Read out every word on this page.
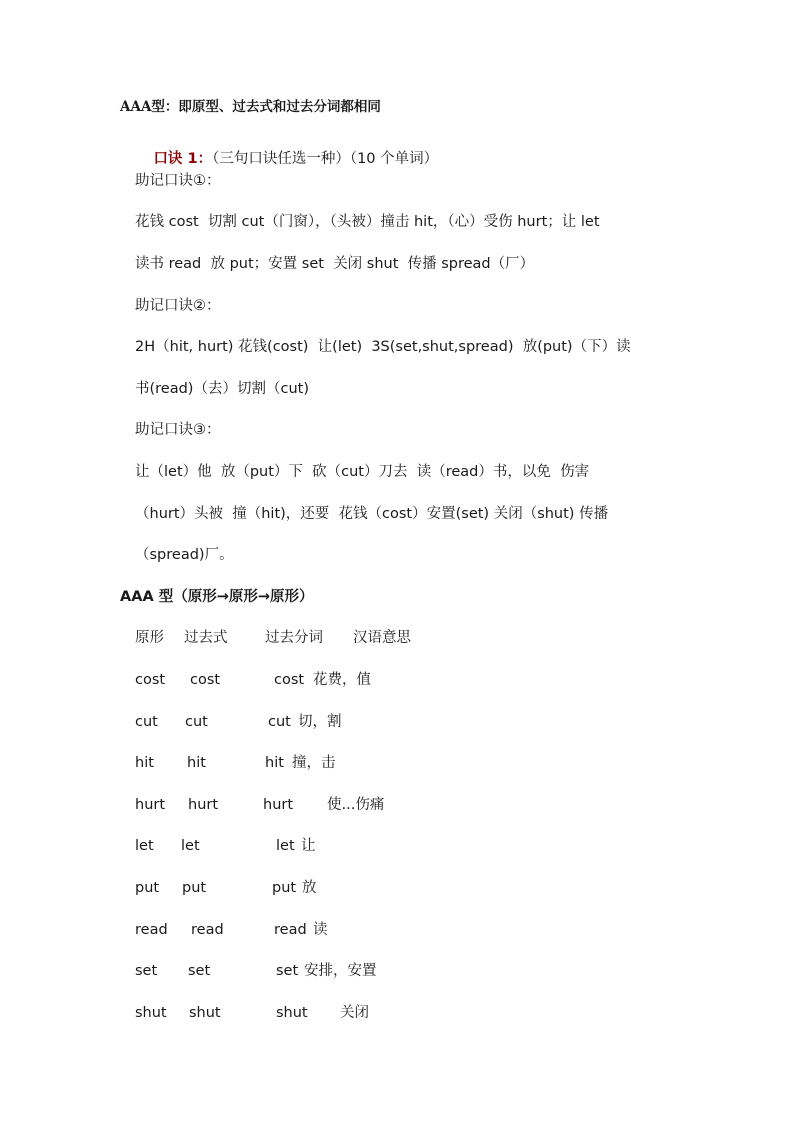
AAA型：即原型、过去式和过去分词都相同

口诀 1：（三句口诀任选一种）（10 个单词）

助记口诀①：
花钱 cost  切割 cut（门窗），（头被）撞击 hit，（心）受伤 hurt；让 let
读书 read  放 put；安置 set  关闭 shut  传播 spread（厂）
助记口诀②：
2H（hit, hurt) 花钱(cost)  让(let)  3S(set,shut,spread)  放(put)（下）读
书(read)（去）切割（cut)
助记口诀③：
让（let）他  放（put）下  砍（cut）刀去  读（read）书，以免  伤害
（hurt）头被  撞（hit)，还要  花钱（cost）安置(set) 关闭（shut) 传播
（spread)厂。
AAA 型（原形→原形→原形）
原形 过去式	过去分词 汉语意思
cost cost	cost 花费，值
cut cut	cut 切，割
hit hit	hit 撞，击
hurt hurt	hurt 使...伤痛
let let	let 让
put put	put 放
read read	read 读
set set	set 安排，安置
shut shut	shut 关闭
